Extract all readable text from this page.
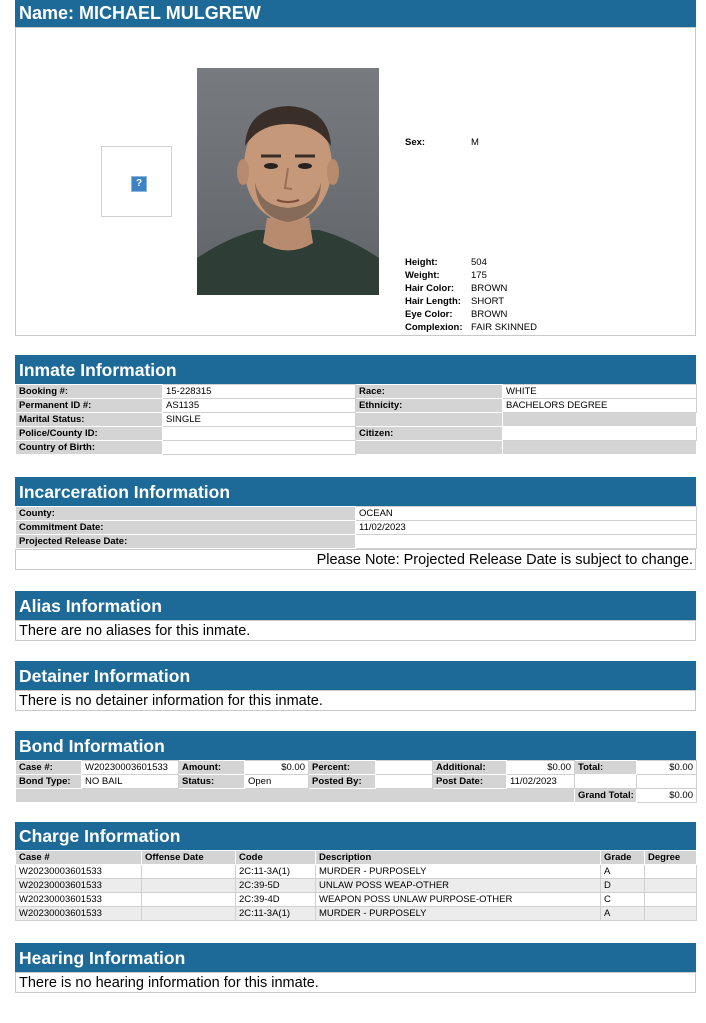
Name: MICHAEL MULGREW
?
Sex:	M
Height:	504
Weight:	175
Hair Color: BROWN
Hair Length: SHORT
Eye Color: BROWN
Complexion: FAIR SKINNED
Inmate Information
Booking #:	15-228315	Race:	WHITE
Permanent ID #:	AS1135	Ethnicity:	BACHELORS DEGREE
Marital Status:	SINGLE		
Police/County ID:		Citizen:	
Country of Birth:			
Incarceration Information
County:	OCEAN
Commitment Date:	11/02/2023
Projected Release Date:	
Please Note: Projected Release Date is subject to change.
Alias Information
There are no aliases for this inmate.
Detainer Information
There is no detainer information for this inmate.
Bond Information
Case #:	W20230003601533	Amount:	$0.00	Percent:		Additional:	$0.00	Total:	$0.00
Bond Type:	NO BAIL	Status:	Open	Posted By:		Post Date:	11/02/2023		
								Grand Total:	$0.00
Charge Information
Case #	Offense Date	Code	Description	Grade	Degree
W20230003601533		2C:11-3A(1)	MURDER - PURPOSELY	A	
W20230003601533		2C:39-5D	UNLAW POSS WEAP-OTHER	D	
W20230003601533		2C:39-4D	WEAPON POSS UNLAW PURPOSE-OTHER	C	
W20230003601533		2C:11-3A(1)	MURDER - PURPOSELY	A	
Hearing Information
There is no hearing information for this inmate.
